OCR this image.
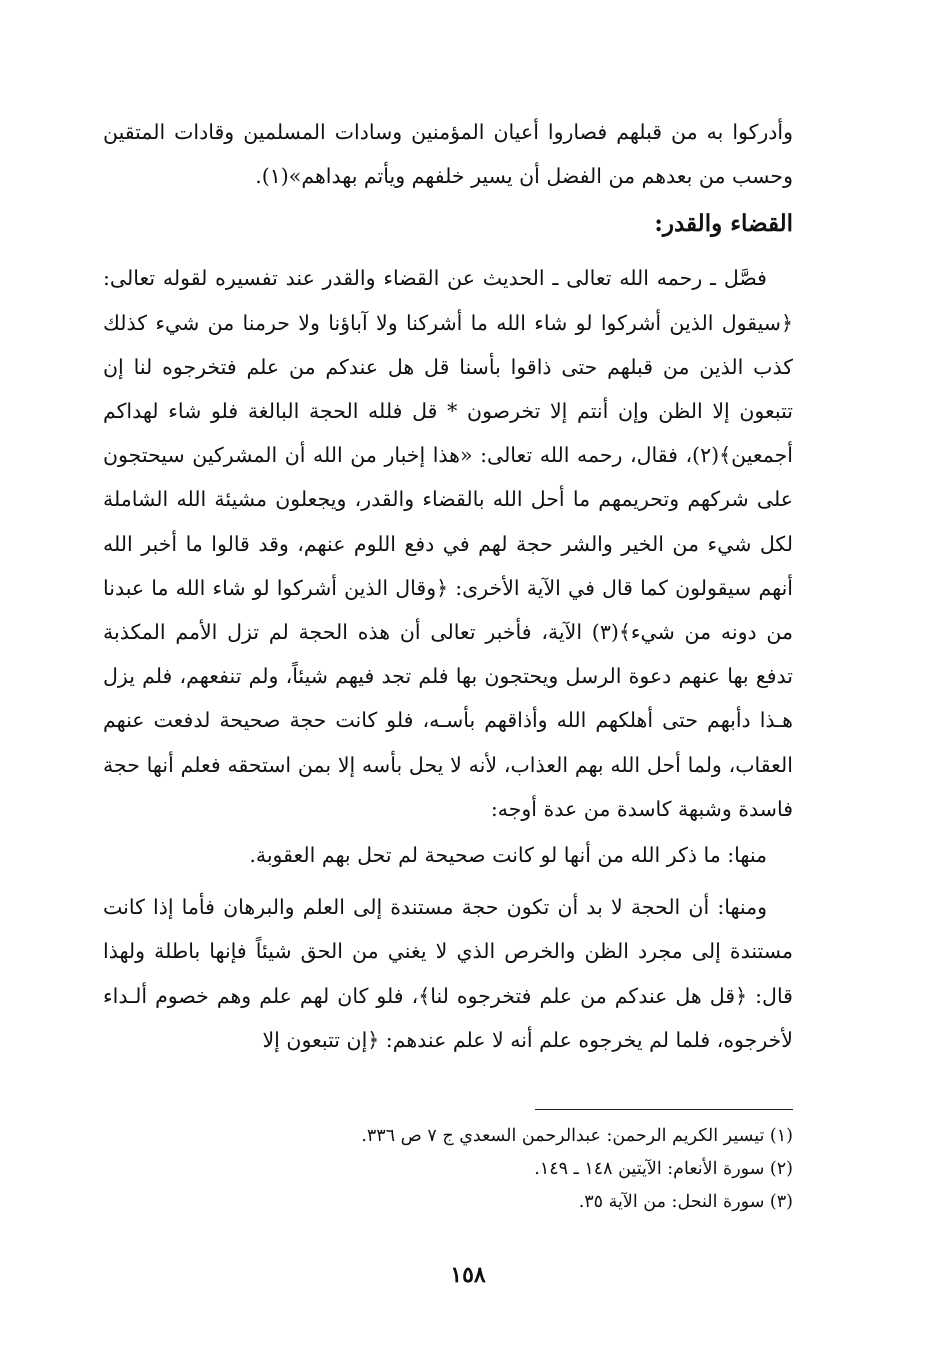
وأدركوا به من قبلهم فصاروا أعيان المؤمنين وسادات المسلمين وقادات المتقين وحسب من بعدهم من الفضل أن يسير خلفهم ويأتم بهداهم»(١).

القضاء والقدر:

فصَّل ـ رحمه الله تعالى ـ الحديث عن القضاء والقدر عند تفسيره لقوله تعالى: ﴿سيقول الذين أشركوا لو شاء الله ما أشركنا ولا آباؤنا ولا حرمنا من شيء كذلك كذب الذين من قبلهم حتى ذاقوا بأسنا قل هل عندكم من علم فتخرجوه لنا إن تتبعون إلا الظن وإن أنتم إلا تخرصون * قل فلله الحجة البالغة فلو شاء لهداكم أجمعين﴾(٢)، فقال، رحمه الله تعالى: «هذا إخبار من الله أن المشركين سيحتجون على شركهم وتحريمهم ما أحل الله بالقضاء والقدر، ويجعلون مشيئة الله الشاملة لكل شيء من الخير والشر حجة لهم في دفع اللوم عنهم، وقد قالوا ما أخبر الله أنهم سيقولون كما قال في الآية الأخرى: ﴿وقال الذين أشركوا لو شاء الله ما عبدنا من دونه من شيء﴾(٣) الآية، فأخبر تعالى أن هذه الحجة لم تزل الأمم المكذبة تدفع بها عنهم دعوة الرسل ويحتجون بها فلم تجد فيهم شيئاً، ولم تنفعهم، فلم يزل هـذا دأبهم حتى أهلكهم الله وأذاقهم بأسـه، فلو كانت حجة صحيحة لدفعت عنهم العقاب، ولما أحل الله بهم العذاب، لأنه لا يحل بأسه إلا بمن استحقه فعلم أنها حجة فاسدة وشبهة كاسدة من عدة أوجه:

منها: ما ذكر الله من أنها لو كانت صحيحة لم تحل بهم العقوبة.

ومنها: أن الحجة لا بد أن تكون حجة مستندة إلى العلم والبرهان فأما إذا كانت مستندة إلى مجرد الظن والخرص الذي لا يغني من الحق شيئاً فإنها باطلة ولهذا قال: ﴿قل هل عندكم من علم فتخرجوه لنا﴾، فلو كان لهم علم وهم خصوم ألـداء لأخرجوه، فلما لم يخرجوه علم أنه لا علم عندهم: ﴿إن تتبعون إلا

(١) تيسير الكريم الرحمن: عبدالرحمن السعدي ج ٧ ص ٣٣٦.

(٢) سورة الأنعام: الآيتين ١٤٨ ـ ١٤٩.

(٣) سورة النحل: من الآية ٣٥.

١٥٨
